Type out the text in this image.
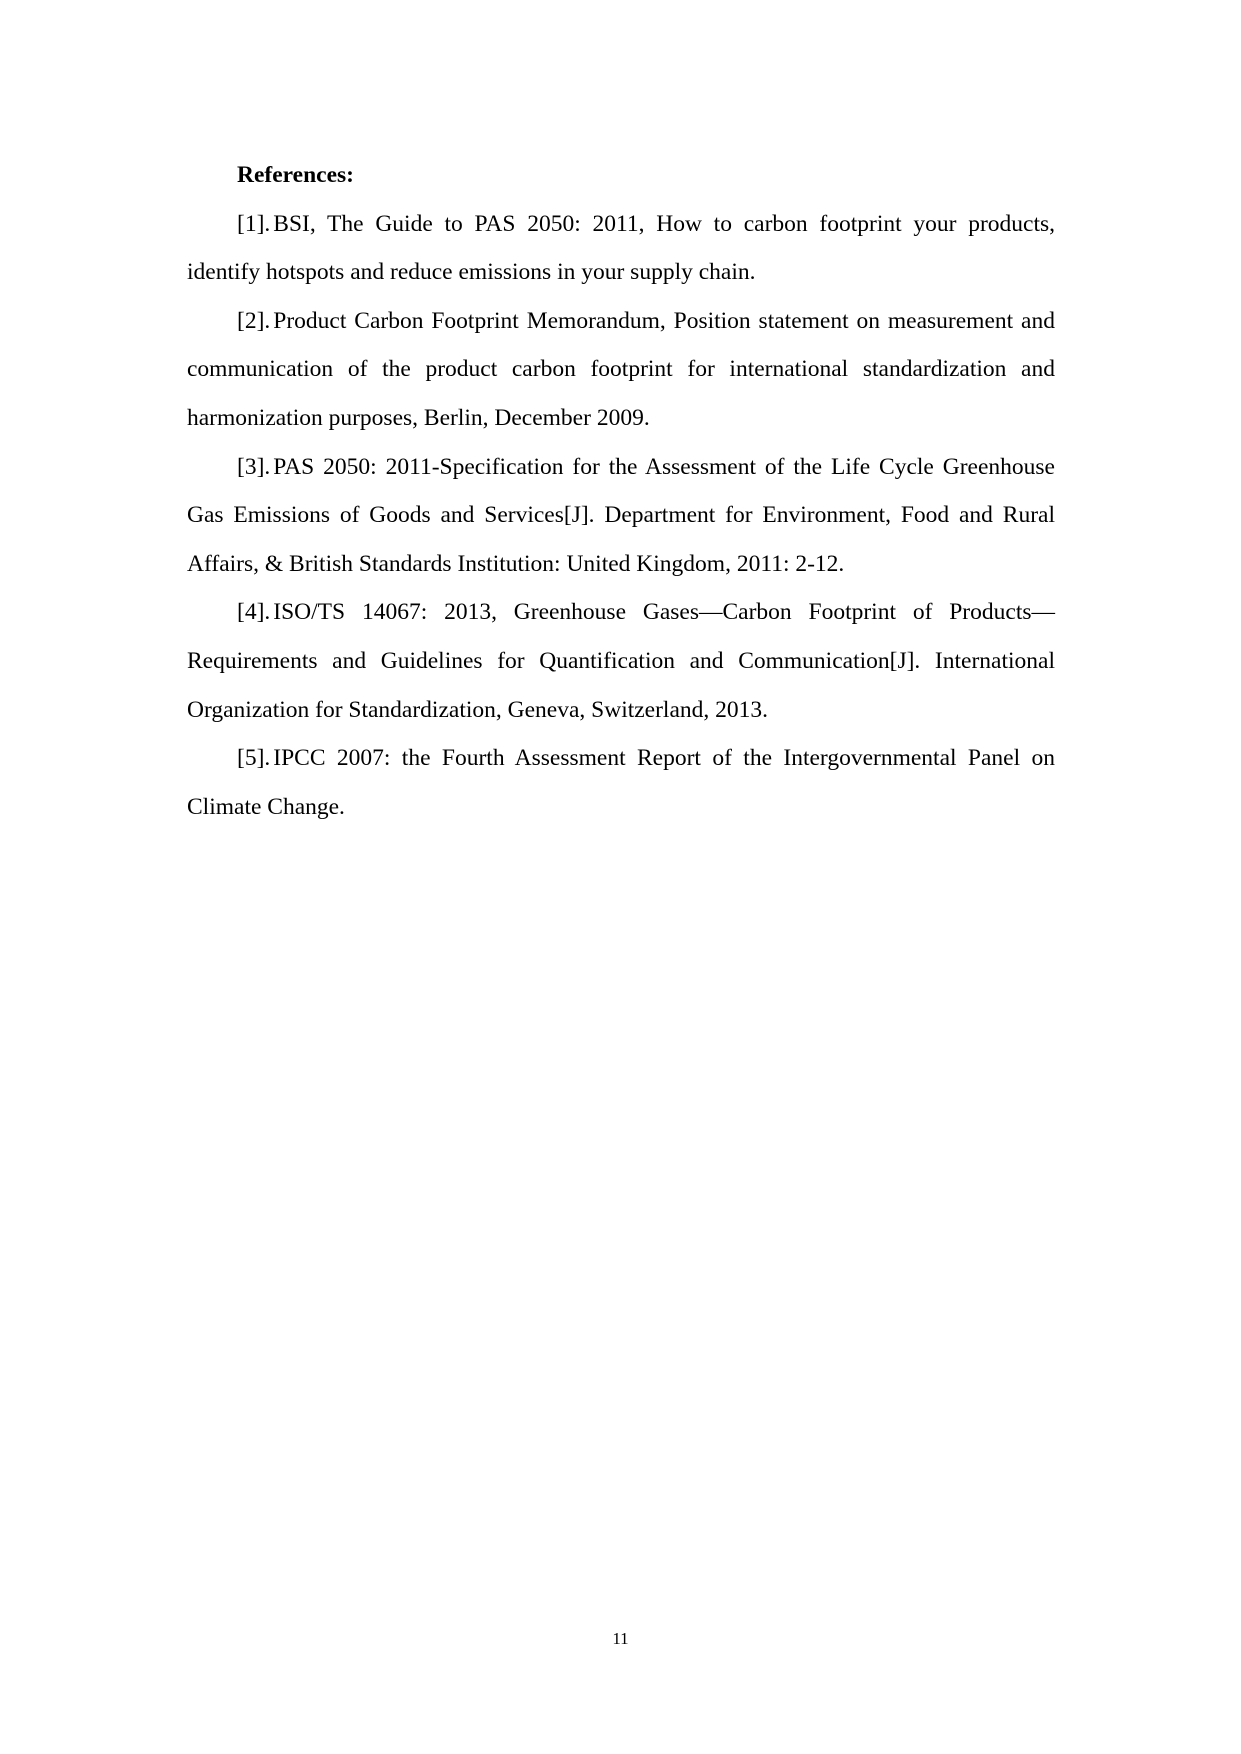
References:

[1]. BSI, The Guide to PAS 2050: 2011, How to carbon footprint your products, identify hotspots and reduce emissions in your supply chain.

[2]. Product Carbon Footprint Memorandum, Position statement on measurement and communication of the product carbon footprint for international standardization and harmonization purposes, Berlin, December 2009.

[3]. PAS 2050: 2011-Specification for the Assessment of the Life Cycle Greenhouse Gas Emissions of Goods and Services[J]. Department for Environment, Food and Rural Affairs, & British Standards Institution: United Kingdom, 2011: 2-12.

[4]. ISO/TS 14067: 2013, Greenhouse Gases—Carbon Footprint of Products—Requirements and Guidelines for Quantification and Communication[J]. International Organization for Standardization, Geneva, Switzerland, 2013.

[5]. IPCC 2007: the Fourth Assessment Report of the Intergovernmental Panel on Climate Change.

11
